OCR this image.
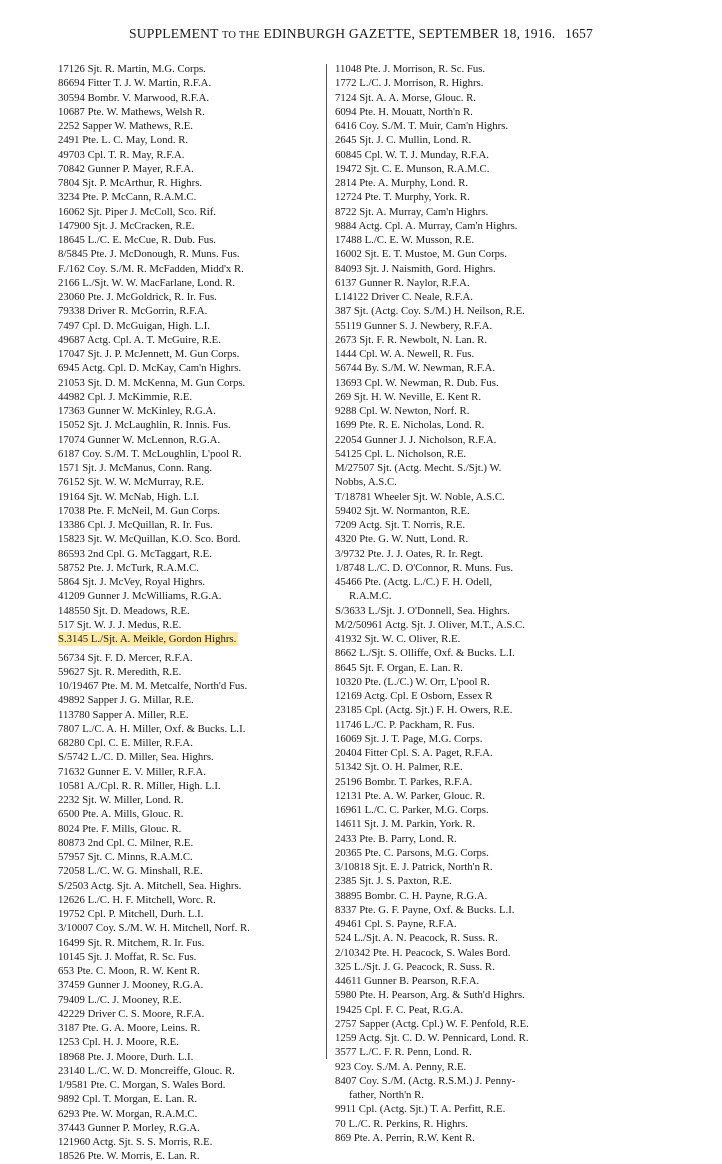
SUPPLEMENT TO THE EDINBURGH GAZETTE, SEPTEMBER 18, 1916. 1657
17126 Sjt. R. Martin, M.G. Corps.
86694 Fitter T. J. W. Martin, R.F.A.
30594 Bombr. V. Marwood, R.F.A.
10687 Pte. W. Mathews, Welsh R.
2252 Sapper W. Mathews, R.E.
2491 Pte. L. C. May, Lond. R.
49703 Cpl. T. R. May, R.F.A.
70842 Gunner P. Mayer, R.F.A.
7804 Sjt. P. McArthur, R. Highrs.
3234 Pte. P. McCann, R.A.M.C.
16062 Sjt. Piper J. McColl, Sco. Rif.
147900 Sjt. J. McCracken, R.E.
18645 L./C. E. McCue, R. Dub. Fus.
8/5845 Pte. J. McDonough, R. Muns. Fus.
F./162 Coy. S./M. R. McFadden, Midd'x R.
2166 L./Sjt. W. W. MacFarlane, Lond. R.
23060 Pte. J. McGoldrick, R. Ir. Fus.
79338 Driver R. McGorrin, R.F.A.
7497 Cpl. D. McGuigan, High. L.I.
49687 Actg. Cpl. A. T. McGuire, R.E.
17047 Sjt. J. P. McJennett, M. Gun Corps.
6945 Actg. Cpl. D. McKay, Cam'n Highrs.
21053 Sjt. D. M. McKenna, M. Gun Corps.
44982 Cpl. J. McKimmie, R.E.
17363 Gunner W. McKinley, R.G.A.
15052 Sjt. J. McLaughlin, R. Innis. Fus.
17074 Gunner W. McLennon, R.G.A.
6187 Coy. S./M. T. McLoughlin, L'pool R.
1571 Sjt. J. McManus, Conn. Rang.
76152 Sjt. W. W. McMurray, R.E.
19164 Sjt. W. McNab, High. L.I.
17038 Pte. F. McNeil, M. Gun Corps.
13386 Cpl. J. McQuillan, R. Ir. Fus.
15823 Sjt. W. McQuillan, K.O. Sco. Bord.
86593 2nd Cpl. G. McTaggart, R.E.
58752 Pte. J. McTurk, R.A.M.C.
5864 Sjt. J. McVey, Royal Highrs.
41209 Gunner J. McWilliams, R.G.A.
148550 Sjt. D. Meadows, R.E.
517 Sjt. W. J. J. Medus, R.E.
S.3145 L./Sjt. A. Meikle, Gordon Highrs.
56734 Sjt. F. D. Mercer, R.F.A.
59627 Sjt. R. Meredith, R.E.
10/19467 Pte. M. M. Metcalfe, North'd Fus.
49892 Sapper J. G. Millar, R.E.
113780 Sapper A. Miller, R.E.
7807 L./C. A. H. Miller, Oxf. & Bucks. L.I.
68280 Cpl. C. E. Miller, R.F.A.
S/5742 L./C. D. Miller, Sea. Highrs.
71632 Gunner E. V. Miller, R.F.A.
10581 A./Cpl. R. R. Miller, High. L.I.
2232 Sjt. W. Miller, Lond. R.
6500 Pte. A. Mills, Glouc. R.
8024 Pte. F. Mills, Glouc. R.
80873 2nd Cpl. C. Milner, R.E.
57957 Sjt. C. Minns, R.A.M.C.
72058 L./C. W. G. Minshall, R.E.
S/2503 Actg. Sjt. A. Mitchell, Sea. Highrs.
12626 L./C. H. F. Mitchell, Worc. R.
19752 Cpl. P. Mitchell, Durh. L.I.
3/10007 Coy. S./M. W. H. Mitchell, Norf. R.
16499 Sjt. R. Mitchem, R. Ir. Fus.
10145 Sjt. J. Moffat, R. Sc. Fus.
653 Pte. C. Moon, R. W. Kent R.
37459 Gunner J. Mooney, R.G.A.
79409 L./C. J. Mooney, R.E.
42229 Driver C. S. Moore, R.F.A.
3187 Pte. G. A. Moore, Leins. R.
1253 Cpl. H. J. Moore, R.E.
18968 Pte. J. Moore, Durh. L.I.
23140 L./C. W. D. Moncreiffe, Glouc. R.
1/9581 Pte. C. Morgan, S. Wales Bord.
9892 Cpl. T. Morgan, E. Lan. R.
6293 Pte. W. Morgan, R.A.M.C.
37443 Gunner P. Morley, R.G.A.
121960 Actg. Sjt. S. S. Morris, R.E.
18526 Pte. W. Morris, E. Lan. R.
11048 Pte. J. Morrison, R. Sc. Fus.
1772 L./C. J. Morrison, R. Highrs.
7124 Sjt. A. A. Morse, Glouc. R.
6094 Pte. H. Mouatt, North'n R.
6416 Coy. S./M. T. Muir, Cam'n Highrs.
2645 Sjt. J. C. Mullin, Lond. R.
60845 Cpl. W. T. J. Munday, R.F.A.
19472 Sjt. C. E. Munson, R.A.M.C.
2814 Pte. A. Murphy, Lond. R.
12724 Pte. T. Murphy, York. R.
8722 Sjt. A. Murray, Cam'n Highrs.
9884 Actg. Cpl. A. Murray, Cam'n Highrs.
17488 L./C. E. W. Musson, R.E.
16002 Sjt. E. T. Mustoe, M. Gun Corps.
84093 Sjt. J. Naismith, Gord. Highrs.
6137 Gunner R. Naylor, R.F.A.
L14122 Driver C. Neale, R.F.A.
387 Sjt. (Actg. Coy. S./M.) H. Neilson, R.E.
55119 Gunner S. J. Newbery, R.F.A.
2673 Sjt. F. R. Newbolt, N. Lan. R.
1444 Cpl. W. A. Newell, R. Fus.
56744 By. S./M. W. Newman, R.F.A.
13693 Cpl. W. Newman, R. Dub. Fus.
269 Sjt. H. W. Neville, E. Kent R.
9288 Cpl. W. Newton, Norf. R.
1699 Pte. R. E. Nicholas, Lond. R.
22054 Gunner J. J. Nicholson, R.F.A.
54125 Cpl. L. Nicholson, R.E.
M/27507 Sjt. (Actg. Mecht. S./Sjt.) W.
Nobbs, A.S.C.
T/18781 Wheeler Sjt. W. Noble, A.S.C.
59402 Sjt. W. Normanton, R.E.
7209 Actg. Sjt. T. Norris, R.E.
4320 Pte. G. W. Nutt, Lond. R.
3/9732 Pte. J. J. Oates, R. Ir. Regt.
1/8748 L./C. D. O'Connor, R. Muns. Fus.
45466 Pte. (Actg. L./C.) F. H. Odell,
R.A.M.C.
S/3633 L./Sjt. J. O'Donnell, Sea. Highrs.
M/2/50961 Actg. Sjt. J. Oliver, M.T., A.S.C.
41932 Sjt. W. C. Oliver, R.E.
8662 L./Sjt. S. Olliffe, Oxf. & Bucks. L.I.
8645 Sjt. F. Organ, E. Lan. R.
10320 Pte. (L./C.) W. Orr, L'pool R.
12169 Actg. Cpl. E Osborn, Essex R
23185 Cpl. (Actg. Sjt.) F. H. Owers, R.E.
11746 L./C. P. Packham, R. Fus.
16069 Sjt. J. T. Page, M.G. Corps.
20404 Fitter Cpl. S. A. Paget, R.F.A.
51342 Sjt. O. H. Palmer, R.E.
25196 Bombr. T. Parkes, R.F.A.
12131 Pte. A. W. Parker, Glouc. R.
16961 L./C. C. Parker, M.G. Corps.
14611 Sjt. J. M. Parkin, York. R.
2433 Pte. B. Parry, Lond. R.
20365 Pte. C. Parsons, M.G. Corps.
3/10818 Sjt. E. J. Patrick, North'n R.
2385 Sjt. J. S. Paxton, R.E.
38895 Bombr. C. H. Payne, R.G.A.
8337 Pte. G. F. Payne, Oxf. & Bucks. L.I.
49461 Cpl. S. Payne, R.F.A.
524 L./Sjt. A. N. Peacock, R. Suss. R.
2/10342 Pte. H. Peacock, S. Wales Bord.
325 L./Sjt. J. G. Peacock, R. Suss. R.
44611 Gunner B. Pearson, R.F.A.
5980 Pte. H. Pearson, Arg. & Suth'd Highrs.
19425 Cpl. F. C. Peat, R.G.A.
2757 Sapper (Actg. Cpl.) W. F. Penfold, R.E.
1259 Actg. Sjt. C. D. W. Pennicard, Lond. R.
3577 L./C. F. R. Penn, Lond. R.
923 Coy. S./M. A. Penny, R.E.
8407 Coy. S./M. (Actg. R.S.M.) J. Penny-
father, North'n R.
9911 Cpl. (Actg. Sjt.) T. A. Perfitt, R.E.
70 L./C. R. Perkins, R. Highrs.
869 Pte. A. Perrin, R.W. Kent R.
